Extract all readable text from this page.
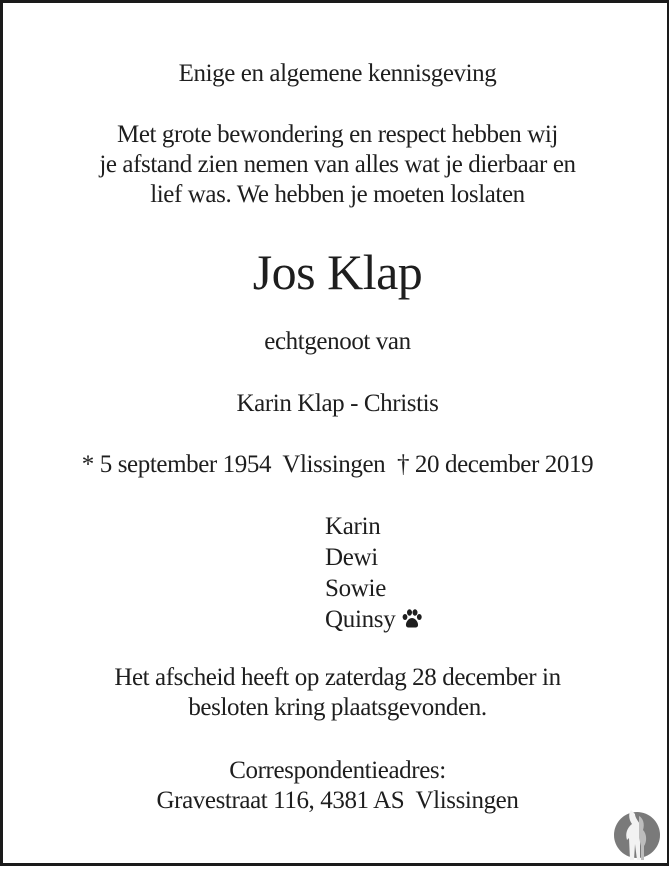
Enige en algemene kennisgeving
Met grote bewondering en respect hebben wij
je afstand zien nemen van alles wat je dierbaar en
lief was. We hebben je moeten loslaten
Jos Klap
echtgenoot van
Karin Klap - Christis
* 5 september 1954  Vlissingen  † 20 december 2019
Karin
Dewi
Sowie
Quinsy
Het afscheid heeft op zaterdag 28 december in
besloten kring plaatsgevonden.
Correspondentieadres:
Gravestraat 116, 4381 AS  Vlissingen
